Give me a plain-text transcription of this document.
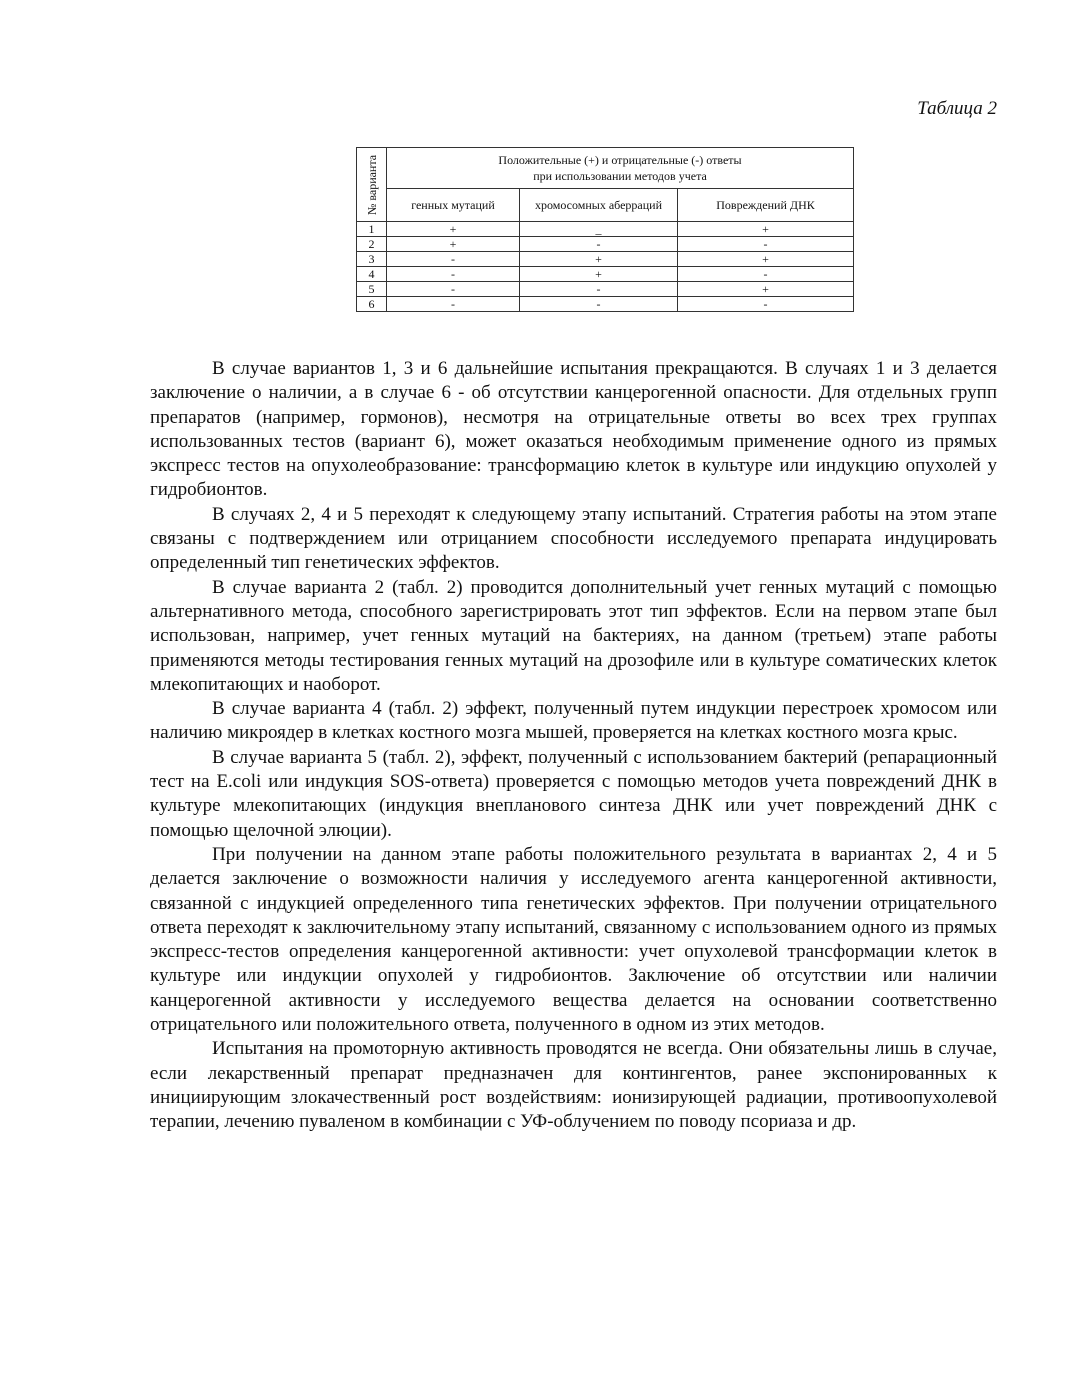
Таблица 2
№ варианта	Положительные (+) и отрицательные (-) ответы
при использовании методов учета		
	генных мутаций	хромосомных аберраций	Повреждений ДНК
1	+	_	+
2	+	-	-
3	-	+	+
4	-	+	-
5	-	-	+
6	-	-	-

В случае вариантов 1, 3 и 6 дальнейшие испытания прекращаются. В случаях 1 и 3 делается заключение о наличии, а в случае 6 - об отсутствии канцерогенной опасности. Для отдельных групп препаратов (например, гормонов), несмотря на отрицательные ответы во всех трех группах использованных тестов (вариант 6), может оказаться необходимым применение одного из прямых экспресс тестов на опухолеобразование: трансформацию клеток в культуре или индукцию опухолей у гидробионтов.

В случаях 2, 4 и 5 переходят к следующему этапу испытаний. Стратегия работы на этом этапе связаны с подтверждением или отрицанием способности исследуемого препарата индуцировать определенный тип генетических эффектов.

В случае варианта 2 (табл. 2) проводится дополнительный учет генных мутаций с помощью альтернативного метода, способного зарегистрировать этот тип эффектов. Если на первом этапе был использован, например, учет генных мутаций на бактериях, на данном (третьем) этапе работы применяются методы тестирования генных мутаций на дрозофиле или в культуре соматических клеток млекопитающих и наоборот.

В случае варианта 4 (табл. 2) эффект, полученный путем индукции перестроек хромосом или наличию микроядер в клетках костного мозга мышей, проверяется на клетках костного мозга крыс.

В случае варианта 5 (табл. 2), эффект, полученный с использованием бактерий (репарационный тест на E.coli или индукция SOS-ответа) проверяется с помощью методов учета повреждений ДНК в культуре млекопитающих (индукция внепланового синтеза ДНК или учет повреждений ДНК с помощью щелочной элюции).

При получении на данном этапе работы положительного результата в вариантах 2, 4 и 5 делается заключение о возможности наличия у исследуемого агента канцерогенной активности, связанной с индукцией определенного типа генетических эффектов. При получении отрицательного ответа переходят к заключительному этапу испытаний, связанному с использованием одного из прямых экспресс-тестов определения канцерогенной активности: учет опухолевой трансформации клеток в культуре или индукции опухолей у гидробионтов. Заключение об отсутствии или наличии канцерогенной активности у исследуемого вещества делается на основании соответственно отрицательного или положительного ответа, полученного в одном из этих методов.

Испытания на промоторную активность проводятся не всегда. Они обязательны лишь в случае, если лекарственный препарат предназначен для контингентов, ранее экспонированных к инициирующим злокачественный рост воздействиям: ионизирующей радиации, противоопухолевой терапии, лечению пуваленом в комбинации с УФ-облучением по поводу псориаза и др.
